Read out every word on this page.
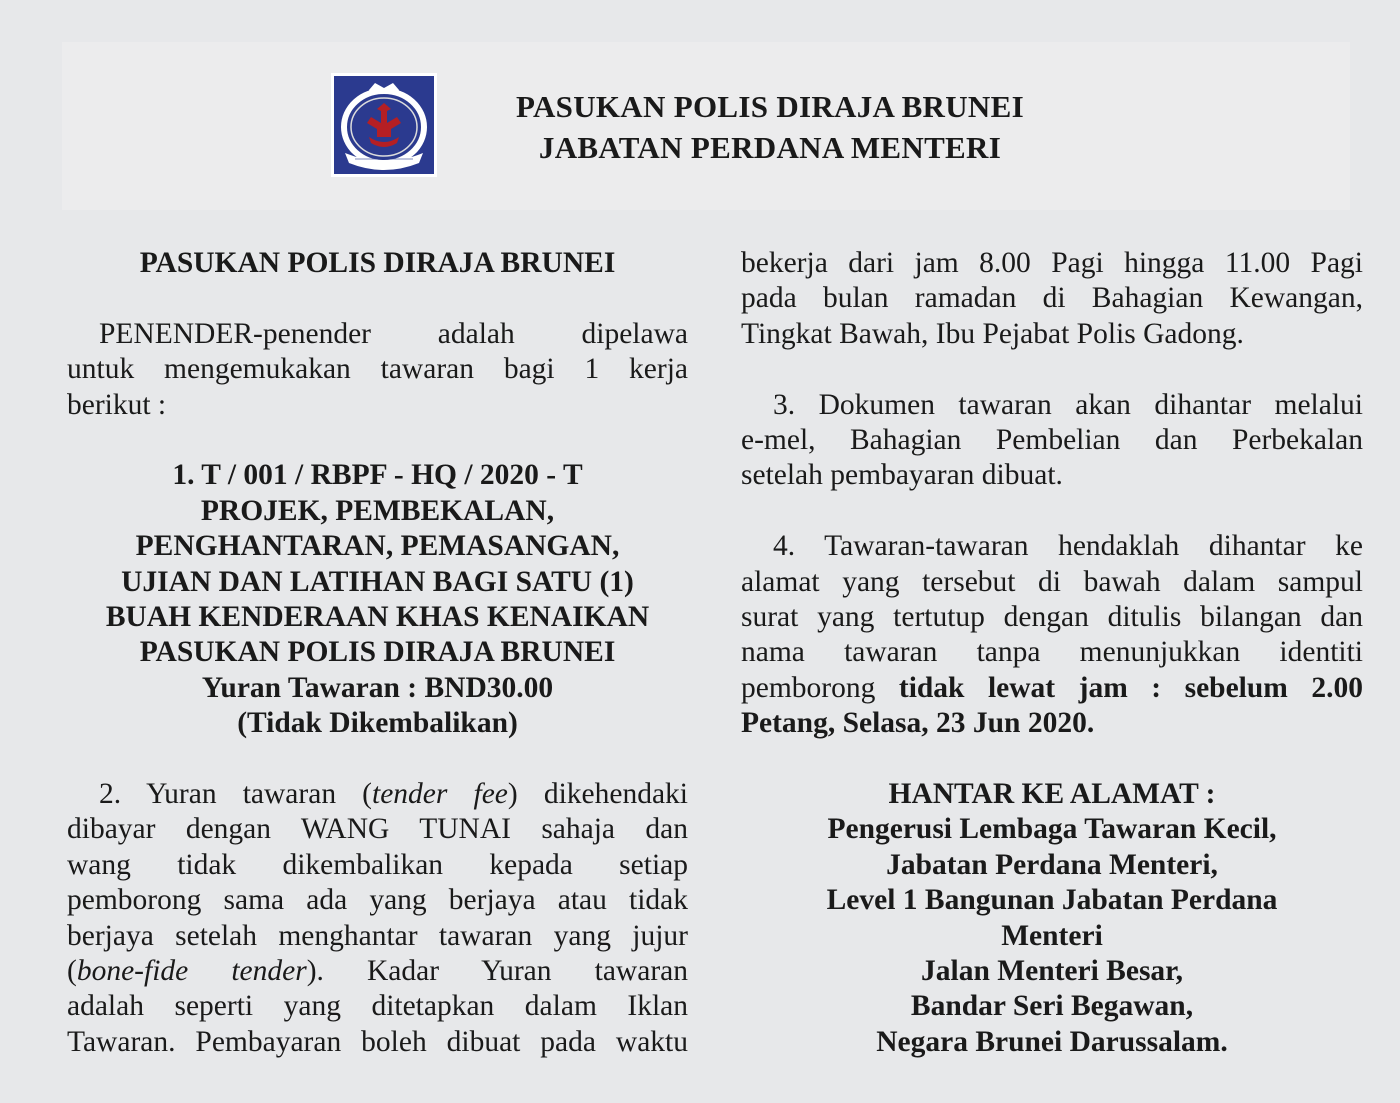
PASUKAN POLIS DIRAJA BRUNEI
JABATAN PERDANA MENTERI

PASUKAN POLIS DIRAJA BRUNEI

PENENDER-penender adalah dipelawa

untuk mengemukakan tawaran bagi 1 kerja

berikut :

1. T / 001 / RBPF - HQ / 2020 - T

PROJEK, PEMBEKALAN,

PENGHANTARAN, PEMASANGAN,

UJIAN DAN LATIHAN BAGI SATU (1)

BUAH KENDERAAN KHAS KENAIKAN

PASUKAN POLIS DIRAJA BRUNEI

Yuran Tawaran : BND30.00

(Tidak Dikembalikan)

2. Yuran tawaran (tender fee) dikehendaki

dibayar dengan WANG TUNAI sahaja dan

wang tidak dikembalikan kepada setiap

pemborong sama ada yang berjaya atau tidak

berjaya setelah menghantar tawaran yang jujur

(bone-fide tender). Kadar Yuran tawaran

adalah seperti yang ditetapkan dalam Iklan

Tawaran. Pembayaran boleh dibuat pada waktu

bekerja dari jam 8.00 Pagi hingga 11.00 Pagi

pada bulan ramadan di Bahagian Kewangan,

Tingkat Bawah, Ibu Pejabat Polis Gadong.

3. Dokumen tawaran akan dihantar melalui

e-mel, Bahagian Pembelian dan Perbekalan

setelah pembayaran dibuat.

4. Tawaran-tawaran hendaklah dihantar ke

alamat yang tersebut di bawah dalam sampul

surat yang tertutup dengan ditulis bilangan dan

nama tawaran tanpa menunjukkan identiti

pemborong tidak lewat jam : sebelum 2.00

Petang, Selasa, 23 Jun 2020.

HANTAR KE ALAMAT :

Pengerusi Lembaga Tawaran Kecil,

Jabatan Perdana Menteri,

Level 1 Bangunan Jabatan Perdana

Menteri

Jalan Menteri Besar,

Bandar Seri Begawan,

Negara Brunei Darussalam.
